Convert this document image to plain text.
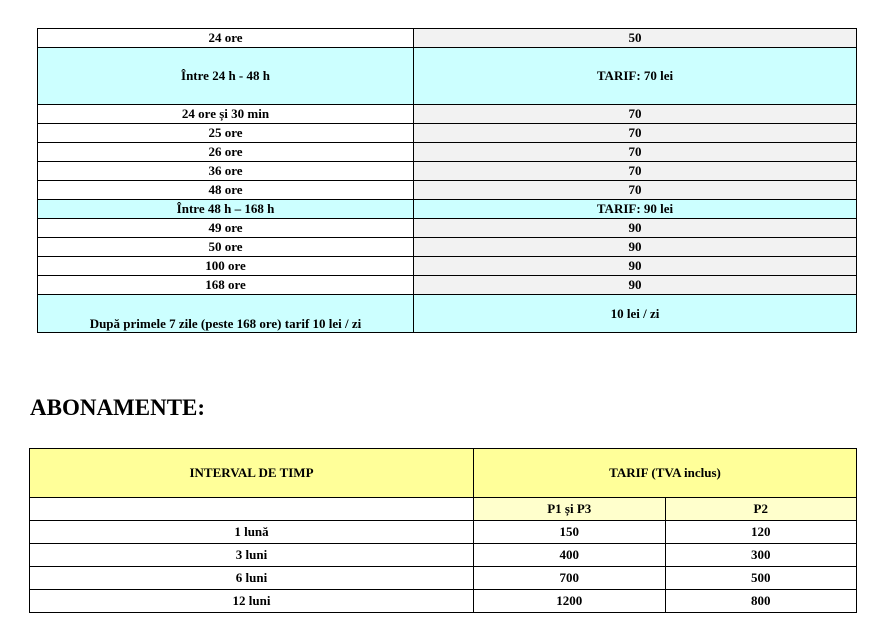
24 ore	50
Între 24 h - 48 h	TARIF: 70 lei
24 ore și 30 min	70
25 ore	70
26 ore	70
36 ore	70
48 ore	70
Între 48 h – 168 h	TARIF: 90 lei
49 ore	90
50 ore	90
100 ore	90
168 ore	90
După primele 7 zile (peste 168 ore) tarif 10 lei / zi	10 lei / zi
ABONAMENTE:
INTERVAL DE TIMP	TARIF (TVA inclus)	
	P1 și P3	P2
1 lună	150	120
3 luni	400	300
6 luni	700	500
12 luni	1200	800
